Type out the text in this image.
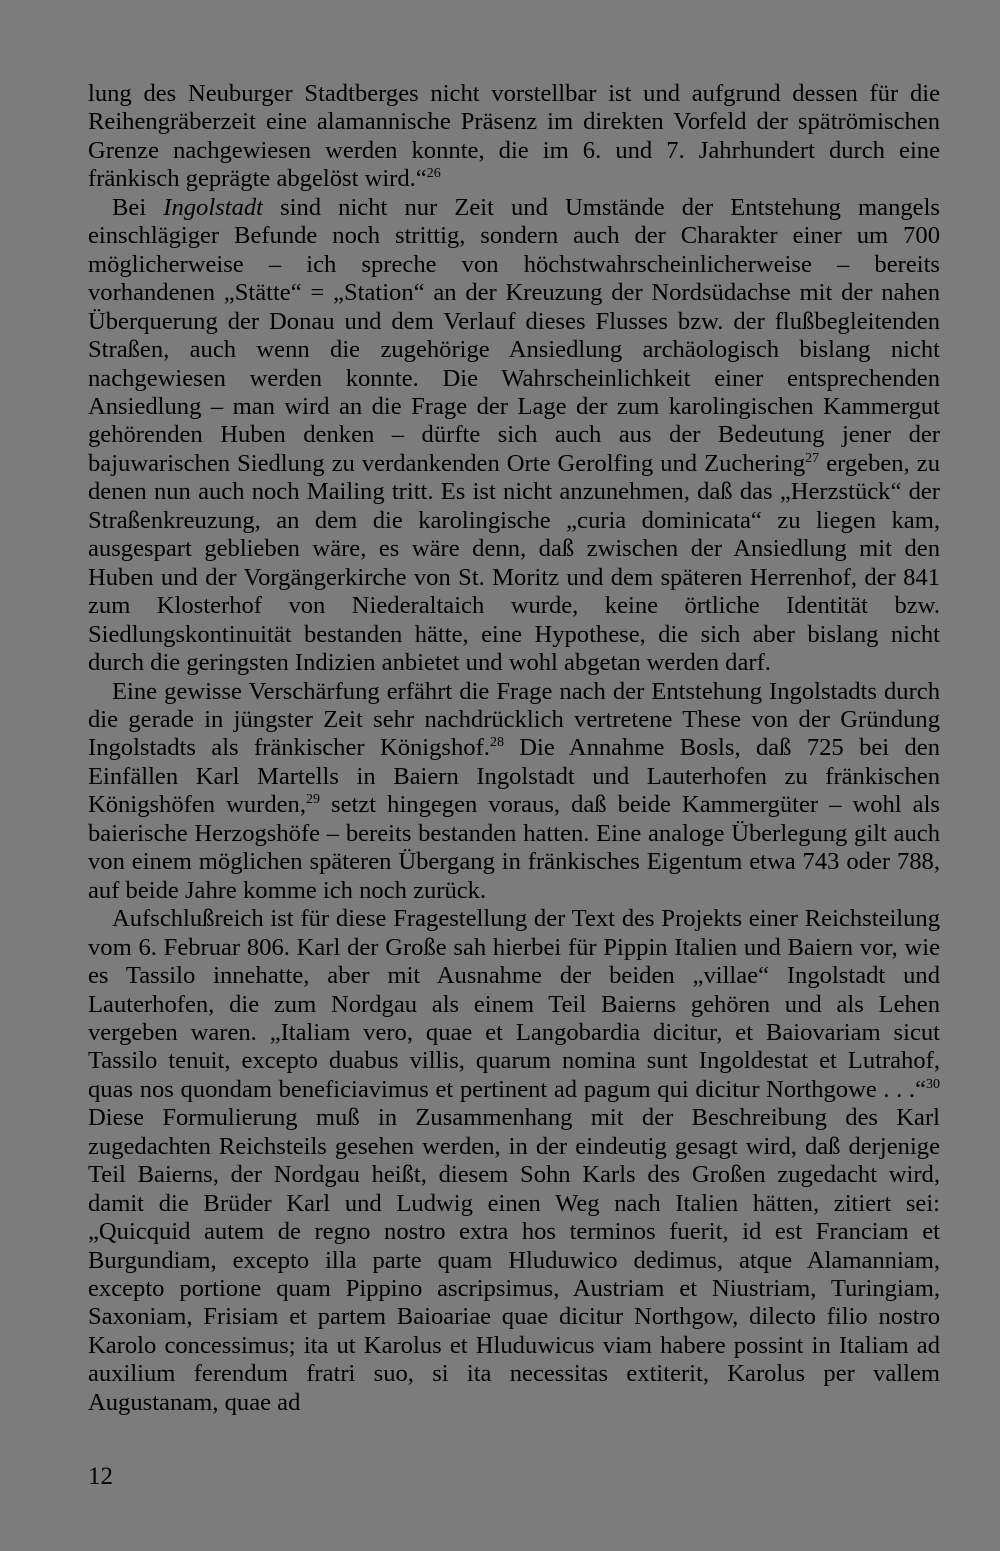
lung des Neuburger Stadtberges nicht vorstellbar ist und aufgrund dessen für die Reihengräberzeit eine alamannische Präsenz im direkten Vorfeld der spätrömischen Grenze nachgewiesen werden konnte, die im 6. und 7. Jahrhundert durch eine fränkisch geprägte abgelöst wird.“$^{26}$

Bei Ingolstadt sind nicht nur Zeit und Umstände der Entstehung mangels einschlägiger Befunde noch strittig, sondern auch der Charakter einer um 700 möglicherweise – ich spreche von höchstwahrscheinlicherweise – bereits vorhandenen „Stätte“ = „Station“ an der Kreuzung der Nordsüdachse mit der nahen Überquerung der Donau und dem Verlauf dieses Flusses bzw. der flußbegleitenden Straßen, auch wenn die zugehörige Ansiedlung archäologisch bislang nicht nachgewiesen werden konnte. Die Wahrscheinlichkeit einer entsprechenden Ansiedlung – man wird an die Frage der Lage der zum karolingischen Kammergut gehörenden Huben denken – dürfte sich auch aus der Bedeutung jener der bajuwarischen Siedlung zu verdankenden Orte Gerolfing und Zuchering$^{27}$ ergeben, zu denen nun auch noch Mailing tritt. Es ist nicht anzunehmen, daß das „Herzstück“ der Straßenkreuzung, an dem die karolingische „curia dominicata“ zu liegen kam, ausgespart geblieben wäre, es wäre denn, daß zwischen der Ansiedlung mit den Huben und der Vorgängerkirche von St. Moritz und dem späteren Herrenhof, der 841 zum Klosterhof von Niederaltaich wurde, keine örtliche Identität bzw. Siedlungskontinuität bestanden hätte, eine Hypothese, die sich aber bislang nicht durch die geringsten Indizien anbietet und wohl abgetan werden darf.

Eine gewisse Verschärfung erfährt die Frage nach der Entstehung Ingolstadts durch die gerade in jüngster Zeit sehr nachdrücklich vertretene These von der Gründung Ingolstadts als fränkischer Königshof.$^{28}$ Die Annahme Bosls, daß 725 bei den Einfällen Karl Martells in Baiern Ingolstadt und Lauterhofen zu fränkischen Königshöfen wurden,$^{29}$ setzt hingegen voraus, daß beide Kammergüter – wohl als baierische Herzogshöfe – bereits bestanden hatten. Eine analoge Überlegung gilt auch von einem möglichen späteren Übergang in fränkisches Eigentum etwa 743 oder 788, auf beide Jahre komme ich noch zurück.

Aufschlußreich ist für diese Fragestellung der Text des Projekts einer Reichsteilung vom 6. Februar 806. Karl der Große sah hierbei für Pippin Italien und Baiern vor, wie es Tassilo innehatte, aber mit Ausnahme der beiden „villae“ Ingolstadt und Lauterhofen, die zum Nordgau als einem Teil Baierns gehören und als Lehen vergeben waren. „Italiam vero, quae et Langobardia dicitur, et Baiovariam sicut Tassilo tenuit, excepto duabus villis, quarum nomina sunt Ingoldestat et Lutrahof, quas nos quondam beneficiavimus et pertinent ad pagum qui dicitur Northgowe . . .“$^{30}$ Diese Formulierung muß in Zusammenhang mit der Beschreibung des Karl zugedachten Reichsteils gesehen werden, in der eindeutig gesagt wird, daß derjenige Teil Baierns, der Nordgau heißt, diesem Sohn Karls des Großen zugedacht wird, damit die Brüder Karl und Ludwig einen Weg nach Italien hätten, zitiert sei: „Quicquid autem de regno nostro extra hos terminos fuerit, id est Franciam et Burgundiam, excepto illa parte quam Hluduwico dedimus, atque Alamanniam, excepto portione quam Pippino ascripsimus, Austriam et Niustriam, Turingiam, Saxoniam, Frisiam et partem Baioariae quae dicitur Northgow, dilecto filio nostro Karolo concessimus; ita ut Karolus et Hluduwicus viam habere possint in Italiam ad auxilium ferendum fratri suo, si ita necessitas extiterit, Karolus per vallem Augustanam, quae ad

12
